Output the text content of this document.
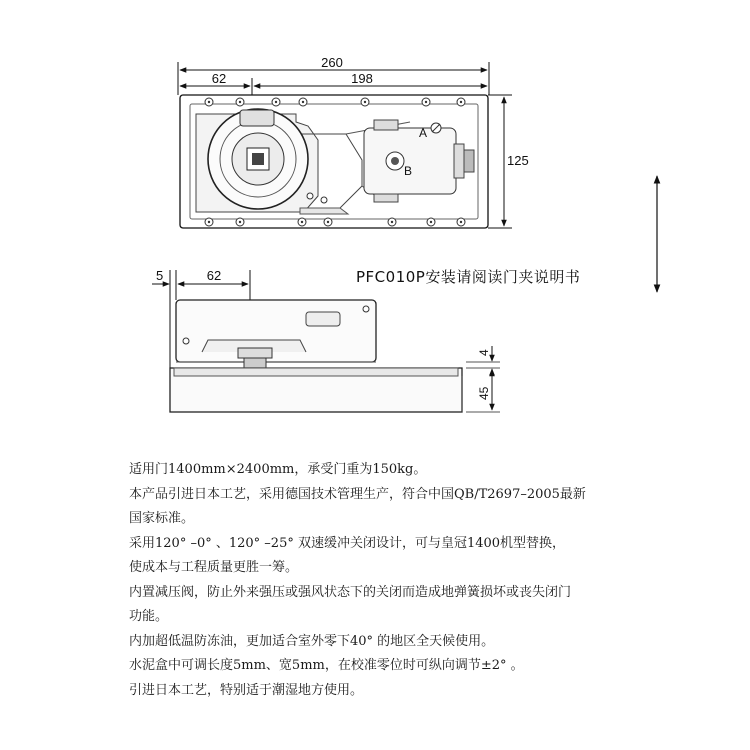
260
62	198
125
A
B
PFC010P安装请阅读门夹说明书
5	62
4
45
适用门1400mm×2400mm，承受门重为150kg。
本产品引进日本工艺，采用德国技术管理生产，符合中国QB/T2697–2005最新
国家标准。
采用120° –0° 、120° –25° 双速缓冲关闭设计，可与皇冠1400机型替换，
使成本与工程质量更胜一筹。
内置减压阀，防止外来强压或强风状态下的关闭而造成地弹簧损坏或丧失闭门
功能。
内加超低温防冻油，更加适合室外零下40° 的地区全天候使用。
水泥盒中可调长度5mm、宽5mm，在校准零位时可纵向调节±2° 。
引进日本工艺，特别适于潮湿地方使用。
